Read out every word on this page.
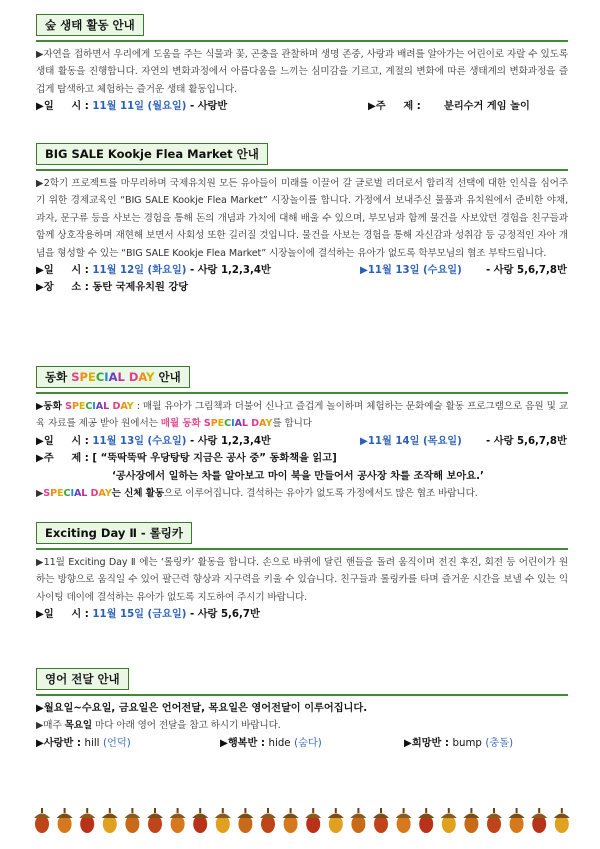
숲 생태 활동 안내
▶자연을 접하면서 우리에게 도움을 주는 식물과 꽃, 곤충을 관찰하며 생명 존중, 사랑과 배려를 알아가는 어린이로 자랄 수 있도록 생태 활동을 진행합니다. 자연의 변화과정에서 아름다움을 느끼는 심미감을 기르고, 계절의 변화에 따른 생태계의 변화과정을 즐겁게 탐색하고 체험하는 즐거운 생태 활동입니다.
▶일     시 : 11월 11일 (월요일) - 사랑반	▶주     제 : 분리수거 게임 놀이
BIG SALE Kookje Flea Market 안내
▶2학기 프로젝트를 마무리하며 국제유치원 모든 유아들이 미래를 이끌어 갈 글로벌 리더로서 합리적 선택에 대한 인식을 심어주기 위한 경제교육인 “BIG SALE Kookje Flea Market” 시장놀이를 합니다. 가정에서 보내주신 물품과 유치원에서 준비한 야채, 과자, 문구류 등을 사보는 경험을 통해 돈의 개념과 가치에 대해 배울 수 있으며, 부모님과 함께 물건을 사보았던 경험을 친구들과 함께 상호작용하며 재현해 보면서 사회성 또한 길러질 것입니다. 물건을 사보는 경험을 통해 자신감과 성취감 등 긍정적인 자아 개념을 형성할 수 있는 “BIG SALE Kookje Flea Market” 시장놀이에 결석하는 유아가 없도록 학부모님의 협조 부탁드립니다.
▶일     시 : 11월 12일 (화요일) - 사랑 1,2,3,4반	▶11월 13일 (수요일) - 사랑 5,6,7,8반
▶장     소 : 동탄 국제유치원 강당
동화 SPECIAL DAY 안내
▶동화 SPECIAL DAY : 매월 유아가 그림책과 더불어 신나고 즐겁게 놀이하며 체험하는 문화예술 활동 프로그램으로 음원 및 교육 자료를 제공 받아 원에서는 매월 동화 SPECIAL DAY를 합니다
▶일     시 : 11월 13일 (수요일) - 사랑 1,2,3,4반	▶11월 14일 (목요일) - 사랑 5,6,7,8반
▶주     제 : [ “뚝딱뚝딱 우당탕탕 지금은 공사 중” 동화책을 읽고]
‘공사장에서 일하는 차를 알아보고 마이 북을 만들어서 공사장 차를 조작해 보아요.’
▶SPECIAL DAY는 신체 활동으로 이루어집니다. 결석하는 유아가 없도록 가정에서도 많은 협조 바랍니다.
Exciting Day Ⅱ - 롤링카
▶11월 Exciting Day Ⅱ 에는 ‘롤링카’ 활동을 합니다. 손으로 바퀴에 달린 핸들을 돌려 움직이며 전진 후진, 회전 등 어린이가 원하는 방향으로 움직일 수 있어 팔근력 향상과 지구력을 키울 수 있습니다. 친구들과 롤링카를 타며 즐거운 시간을 보낼 수 있는 익사이팅 데이에 결석하는 유아가 없도록 지도하여 주시기 바랍니다.
▶일     시 : 11월 15일 (금요일) - 사랑 5,6,7반
영어 전달 안내
▶월요일~수요일, 금요일은 언어전달, 목요일은 영어전달이 이루어집니다.
▶매주 목요일 마다 아래 영어 전달을 참고 하시기 바랍니다.
▶사랑반 : hill (언덕)	▶행복반 : hide (숨다)	▶희망반 : bump (충돌)
